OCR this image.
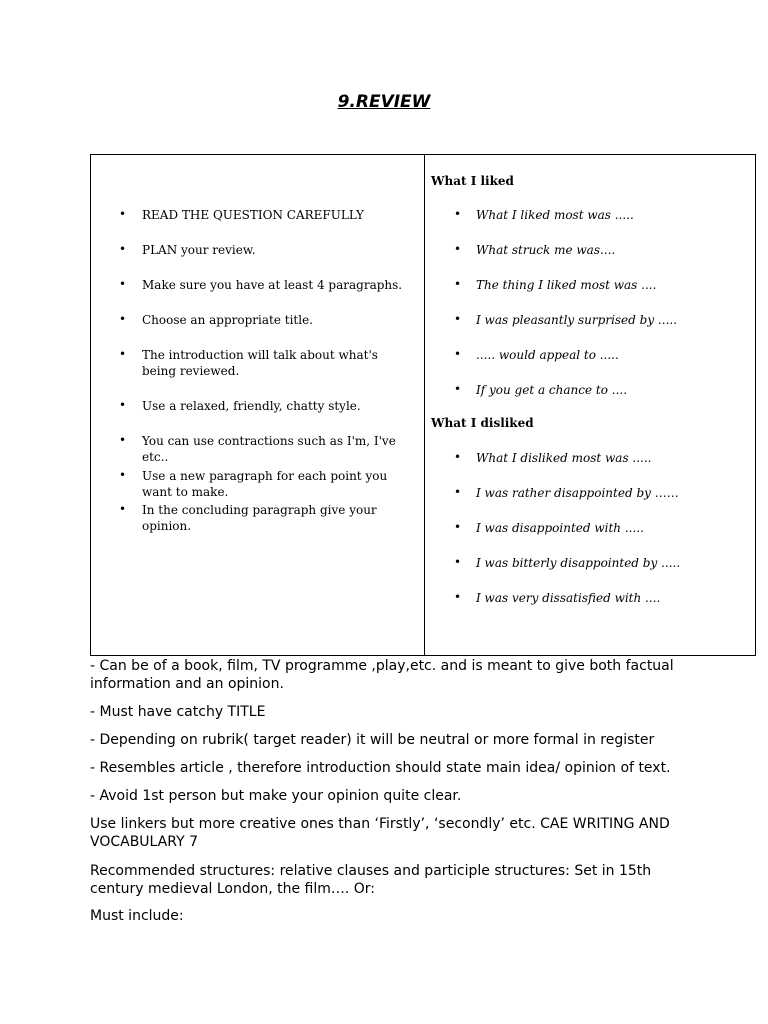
9.REVIEW
• READ THE QUESTION CAREFULLY
• PLAN your review.
• Make sure you have at least 4 paragraphs.
• Choose an appropriate title.
• The introduction will talk about what's being reviewed.
• Use a relaxed, friendly, chatty style.
• You can use contractions such as I'm, I've etc..
• Use a new paragraph for each point you want to make.
• In the concluding paragraph give your opinion.
What I liked
• What I liked most was .....
• What struck me was....
• The thing I liked most was ....
• I was pleasantly surprised by .....
• ..... would appeal to .....
• If you get a chance to ....
What I disliked
• What I disliked most was .....
• I was rather disappointed by ……
• I was disappointed with .....
• I was bitterly disappointed by .....
• I was very dissatisfied with ....
- Can be of a book, film, TV programme ,play,etc. and is meant to give both factual information and an opinion.
- Must have catchy TITLE
- Depending on rubrik( target reader) it will be neutral or more formal in register
- Resembles article , therefore introduction should state main idea/ opinion of text.
- Avoid 1st person but make your opinion quite clear.
Use linkers but more creative ones than ‘Firstly’, ‘secondly’ etc. CAE WRITING AND VOCABULARY 7
Recommended structures: relative clauses and participle structures: Set in 15th century medieval London, the film…. Or:
Must include:
